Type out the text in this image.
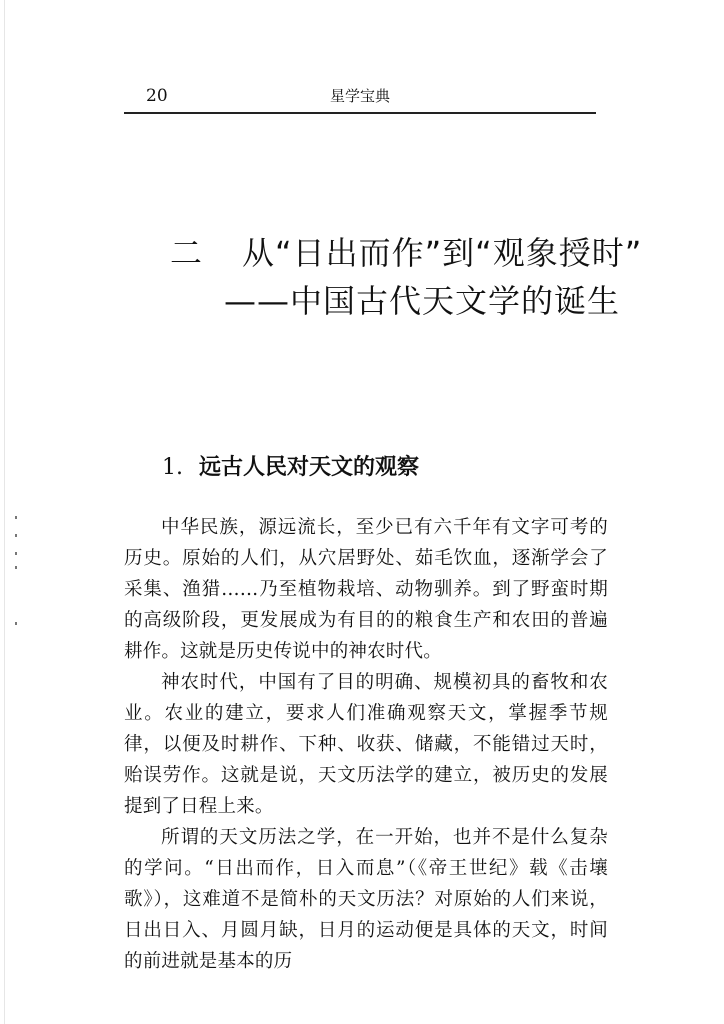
20	星学宝典
二 从“日出而作”到“观象授时”
——中国古代天文学的诞生
1. 远古人民对天文的观察

中华民族，源远流长，至少已有六千年有文字可考的历史。原始的人们，从穴居野处、茹毛饮血，逐渐学会了采集、渔猎……乃至植物栽培、动物驯养。到了野蛮时期的高级阶段，更发展成为有目的的粮食生产和农田的普遍耕作。这就是历史传说中的神农时代。

神农时代，中国有了目的明确、规模初具的畜牧和农业。农业的建立，要求人们准确观察天文，掌握季节规律，以便及时耕作、下种、收获、储藏，不能错过天时，贻误劳作。这就是说，天文历法学的建立，被历史的发展提到了日程上来。

所谓的天文历法之学，在一开始，也并不是什么复杂的学问。“日出而作，日入而息”（《帝王世纪》载《击壤歌》），这难道不是简朴的天文历法？对原始的人们来说，日出日入、月圆月缺，日月的运动便是具体的天文，时间的前进就是基本的历
